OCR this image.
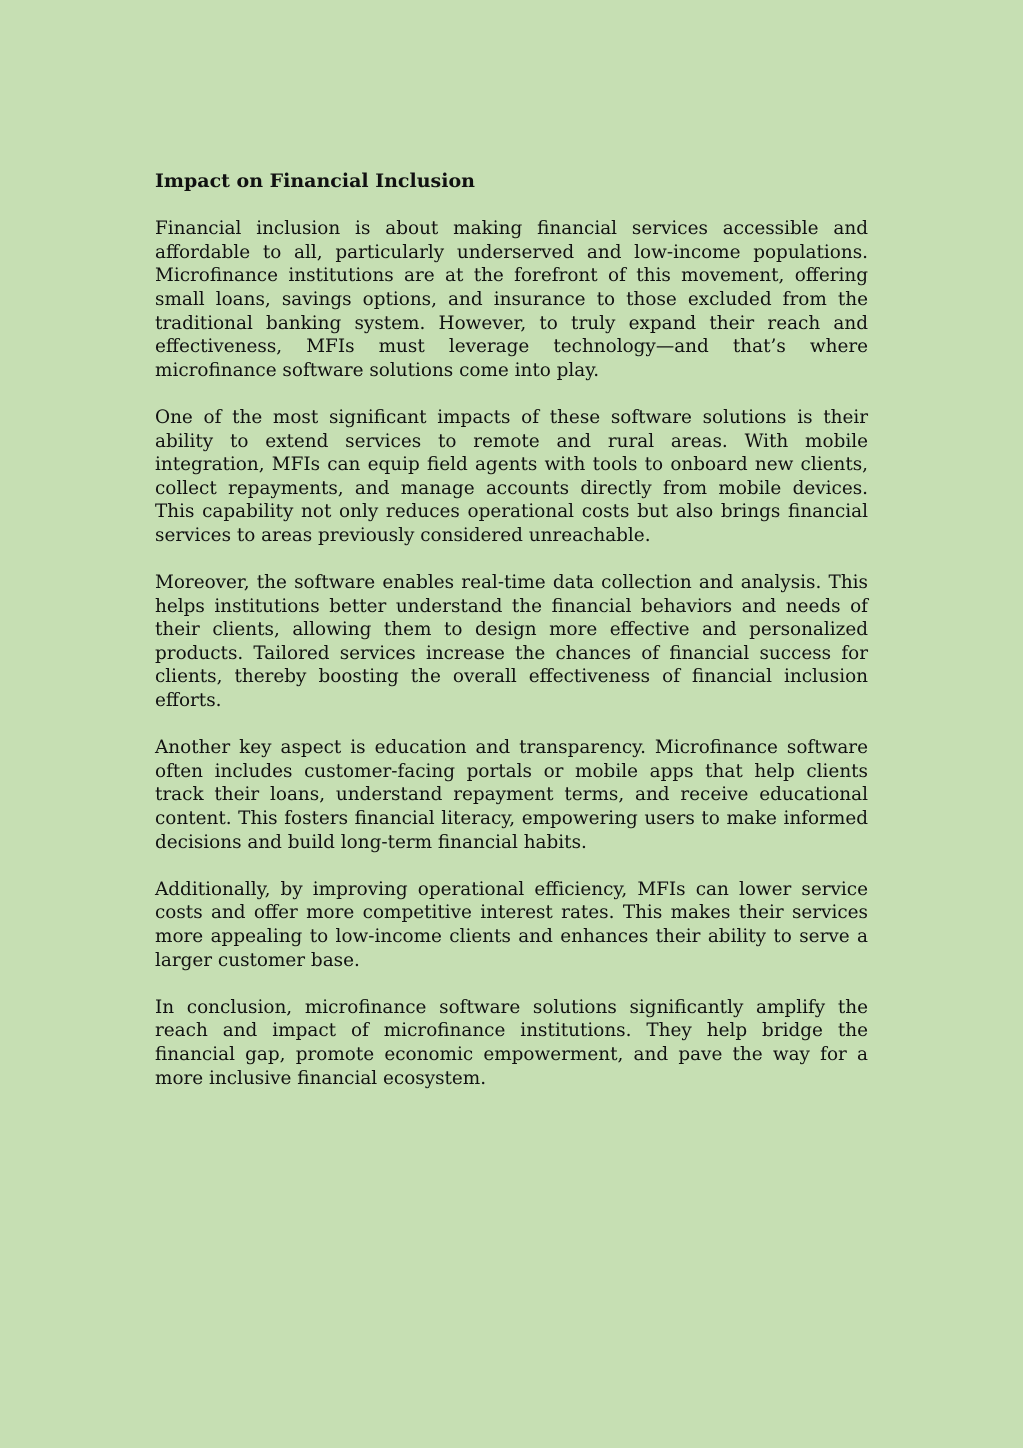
Impact on Financial Inclusion

Financial inclusion is about making financial services accessible and affordable to all, particularly underserved and low-income populations. Microfinance institutions are at the forefront of this movement, offering small loans, savings options, and insurance to those excluded from the traditional banking system. However, to truly expand their reach and effectiveness, MFIs must leverage technology—and that’s where microfinance software solutions come into play.

One of the most significant impacts of these software solutions is their ability to extend services to remote and rural areas. With mobile integration, MFIs can equip field agents with tools to onboard new clients, collect repayments, and manage accounts directly from mobile devices. This capability not only reduces operational costs but also brings financial services to areas previously considered unreachable.

Moreover, the software enables real-time data collection and analysis. This helps institutions better understand the financial behaviors and needs of their clients, allowing them to design more effective and personalized products. Tailored services increase the chances of financial success for clients, thereby boosting the overall effectiveness of financial inclusion efforts.

Another key aspect is education and transparency. Microfinance software often includes customer-facing portals or mobile apps that help clients track their loans, understand repayment terms, and receive educational content. This fosters financial literacy, empowering users to make informed decisions and build long-term financial habits.

Additionally, by improving operational efficiency, MFIs can lower service costs and offer more competitive interest rates. This makes their services more appealing to low-income clients and enhances their ability to serve a larger customer base.

In conclusion, microfinance software solutions significantly amplify the reach and impact of microfinance institutions. They help bridge the financial gap, promote economic empowerment, and pave the way for a more inclusive financial ecosystem.
